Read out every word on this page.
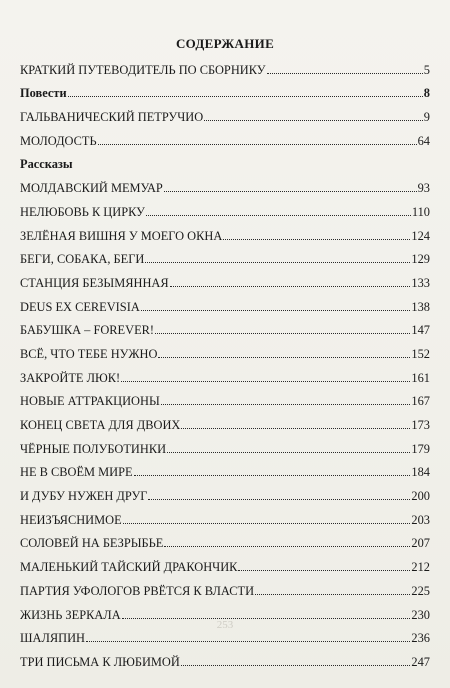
СОДЕРЖАНИЕ
КРАТКИЙ ПУТЕВОДИТЕЛЬ ПО СБОРНИКУ	5
Повести	8
ГАЛЬВАНИЧЕСКИЙ ПЕТРУЧИО	9
МОЛОДОСТЬ	64
Рассказы
МОЛДАВСКИЙ МЕМУАР	93
НЕЛЮБОВЬ К ЦИРКУ	110
ЗЕЛЁНАЯ ВИШНЯ У МОЕГО ОКНА	124
БЕГИ, СОБАКА, БЕГИ	129
СТАНЦИЯ БЕЗЫМЯННАЯ	133
DEUS EX CEREVISIA	138
БАБУШКА – FOREVER!	147
ВСЁ, ЧТО ТЕБЕ НУЖНО	152
ЗАКРОЙТЕ ЛЮК!	161
НОВЫЕ АТТРАКЦИОНЫ	167
КОНЕЦ СВЕТА ДЛЯ ДВОИХ	173
ЧЁРНЫЕ ПОЛУБОТИНКИ	179
НЕ В СВОЁМ МИРЕ	184
И ДУБУ НУЖЕН ДРУГ	200
НЕИЗЪЯСНИМОЕ	203
СОЛОВЕЙ НА БЕЗРЫБЬЕ	207
МАЛЕНЬКИЙ ТАЙСКИЙ ДРАКОНЧИК	212
ПАРТИЯ УФОЛОГОВ РВЁТСЯ К ВЛАСТИ	225
ЖИЗНЬ ЗЕРКАЛА	230
ШАЛЯПИН	236
ТРИ ПИСЬМА К ЛЮБИМОЙ	247
253
